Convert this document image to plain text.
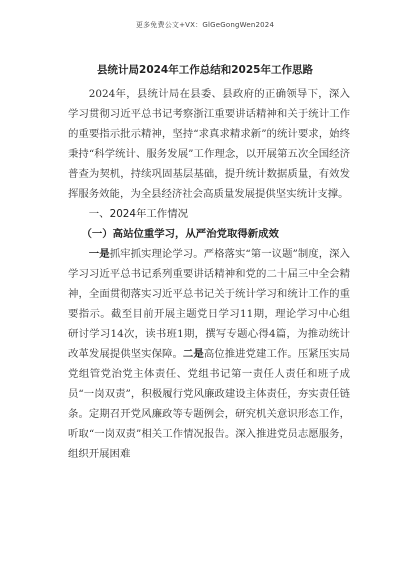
更多免费公文+VX：GlGeGongWen2024
县统计局2024年工作总结和2025年工作思路

2024年，县统计局在县委、县政府的正确领导下，深入学习贯彻习近平总书记考察浙江重要讲话精神和关于统计工作的重要指示批示精神，坚持“求真求精求新”的统计要求，始终秉持“科学统计、服务发展”工作理念，以开展第五次全国经济普查为契机，持续巩固基层基础，提升统计数据质量，有效发挥服务效能，为全县经济社会高质量发展提供坚实统计支撑。

一、2024年工作情况

（一）高站位重学习，从严治党取得新成效

一是抓牢抓实理论学习。严格落实“第一议题”制度，深入学习习近平总书记系列重要讲话精神和党的二十届三中全会精神，全面贯彻落实习近平总书记关于统计学习和统计工作的重要指示。截至目前开展主题党日学习11期，理论学习中心组研讨学习14次，读书班1期，撰写专题心得4篇，为推动统计改革发展提供坚实保障。二是高位推进党建工作。压紧压实局党组管党治党主体责任、党组书记第一责任人责任和班子成员“一岗双责”，积极履行党风廉政建设主体责任，夯实责任链条。定期召开党风廉政等专题例会，研究机关意识形态工作，听取“一岗双责”相关工作情况报告。深入推进党员志愿服务，组织开展困难
